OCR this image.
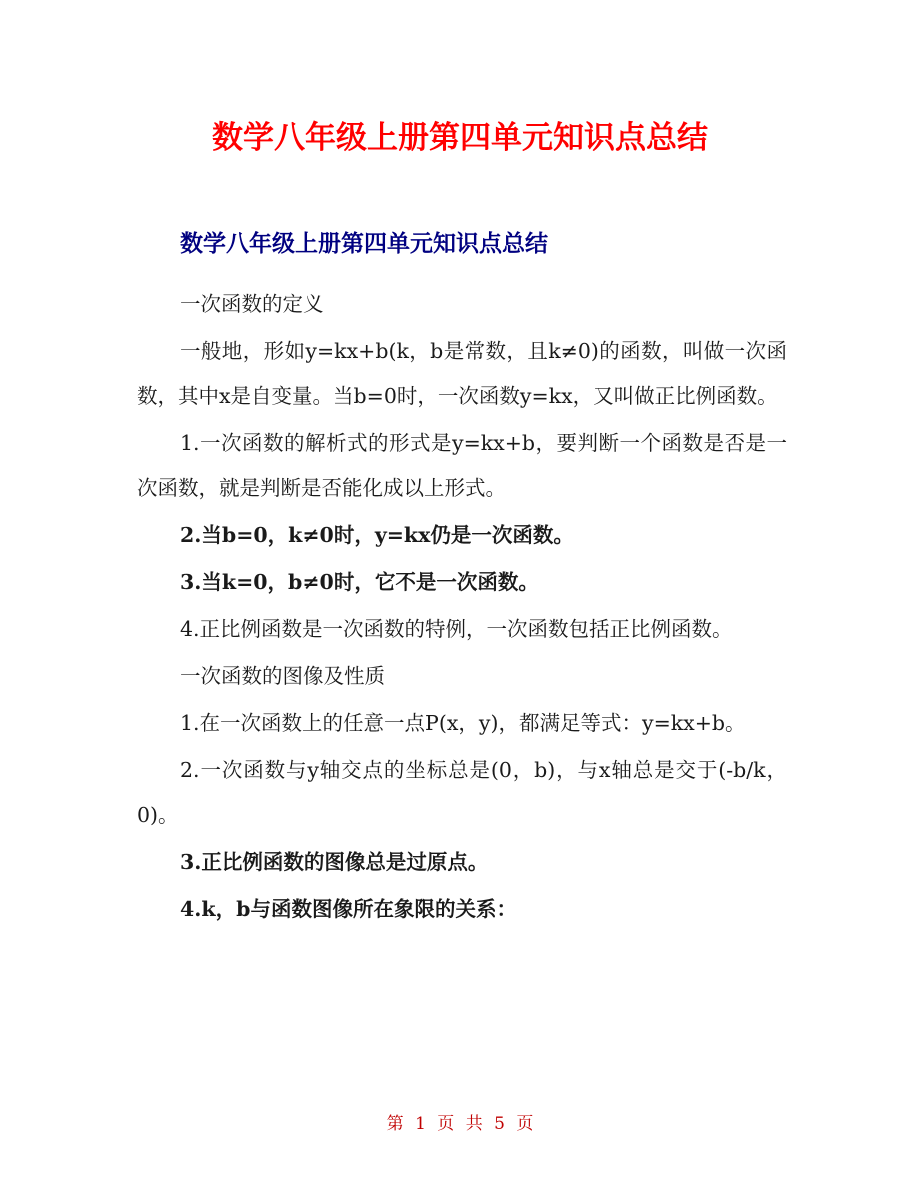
数学八年级上册第四单元知识点总结
数学八年级上册第四单元知识点总结

一次函数的定义

一般地，形如y=kx+b(k，b是常数，且k≠0)的函数，叫做一次函数，其中x是自变量。当b=0时，一次函数y=kx，又叫做正比例函数。

1.一次函数的解析式的形式是y=kx+b，要判断一个函数是否是一次函数，就是判断是否能化成以上形式。

2.当b=0，k≠0时，y=kx仍是一次函数。

3.当k=0，b≠0时，它不是一次函数。

4.正比例函数是一次函数的特例，一次函数包括正比例函数。

一次函数的图像及性质

1.在一次函数上的任意一点P(x，y)，都满足等式：y=kx+b。

2.一次函数与y轴交点的坐标总是(0，b)，与x轴总是交于(-b/k，0)。

3.正比例函数的图像总是过原点。

4.k，b与函数图像所在象限的关系：

第 1 页 共 5 页
